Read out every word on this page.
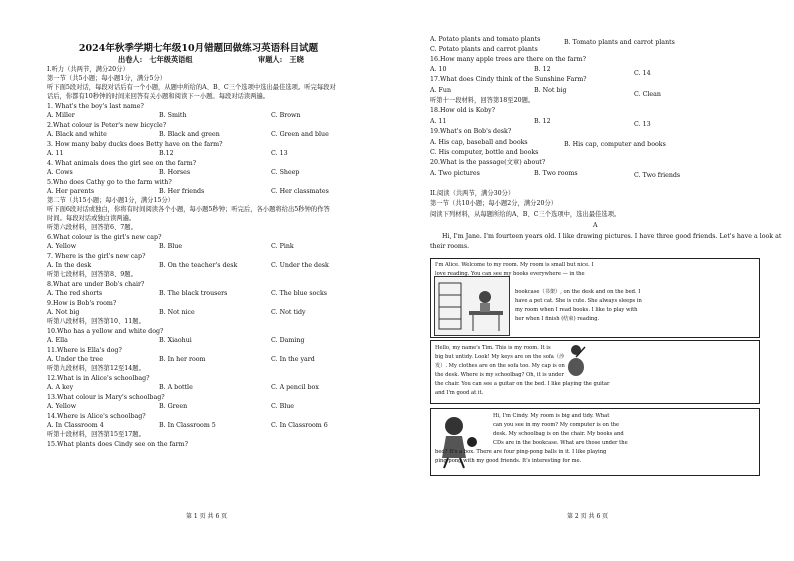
2024年秋季学期七年级10月错题回做练习英语科目试题
出卷人:　七年级英语组	审题人:　王晓
I.听力（共两节，满分20分）
第一节（共5小题；每小题1分，满分5分）
听下面5段对话，每段对话后有一个小题，从题中所给的A、B、C三个选项中选出最佳选项。听完每段对
话后，你都有10秒钟的时间来回答有关小题和阅读下一小题。每段对话读两遍。
1. What's the boy's last name?
A. Miller	B. Smith	C. Brown
2.What colour is Peter's new bicycle?
A. Black and white	B. Black and green	C. Green and blue
3. How many baby ducks does Betty have on the farm?
A. 11	B.12	C. 13
4. What animals does the girl see on the farm?
A. Cows	B. Horses	C. Sheep
5.Who does Cathy go to the farm with?
A. Her parents	B. Her friends	C. Her classmates
第二节（共15小题；每小题1分，满分15分）
听下面6段对话或独白，你将有时间阅读各个小题，每小题5秒钟；听完后，各小题将给出5秒钟的作答
时间。每段对话或独白读两遍。
听第六段材料，回答第6、7题。
6.What colour is the girl's new cap?
A. Yellow	B. Blue	C. Pink
7. Where is the girl's new cap?
A. In the desk	B. On the teacher's desk	C. Under the desk
听第七段材料，回答第8、9题。
8.What are under Bob's chair?
A. The red shorts	B. The black trousers	C. The blue socks
9.How is Bob's room?
A. Not big	B. Not nice	C. Not tidy
听第八段材料，回答第10、11题。
10.Who has a yellow and white dog?
A. Ella	B. Xiaohui	C. Daming
11.Where is Ella's dog?
A. Under the tree	B. In her room	C. In the yard
听第九段材料，回答第12至14题。
12.What is in Alice's schoolbag?
A. A key	B. A bottle	C. A pencil box
13.What colour is Mary's schoolbag?
A. Yellow	B. Green	C. Blue
14.Where is Alice's schoolbag?
A. In Classroom 4	B. In Classroom 5	C. In Classroom 6
听第十段材料，回答第15至17题。
15.What plants does Cindy see on the farm?
第 1 页 共 6 页
A. Potato plants and tomato plants	B. Tomato plants and carrot plants
C. Potato plants and carrot plants
16.How many apple trees are there on the farm?
A. 10	B. 12
C. 14
17.What does Cindy think of the Sunshine Farm?
A. Fun	B. Not big
C. Clean
听第十一段材料，回答第18至20题。
18.How old is Koby?
A. 11	B. 12	C. 13
19.What's on Bob's desk?
A. His cap, baseball and books	B. His cap, computer and books
C. His computer, bottle and books
20.What is the passage(文章) about?
A. Two pictures	B. Two rooms	C. Two friends
II.阅读（共两节，满分30分）
第一节（共10小题；每小题2分，满分20分）
阅读下列材料，从每题所给的A、B、C三个选项中，选出最佳选项。
A
Hi, I'm Jane. I'm fourteen years old. I like drawing pictures. I have three good friends. Let's have a look at
their rooms.
I'm Alice. Welcome to my room. My room is small but nice. I
love reading. You can see my books everywhere — in the
bookcase（书架）, on the desk and on the bed. I
have a pet cat. She is cute. She always sleeps in
my room when I read books. I like to play with
her when I finish (结束) reading.
Hello, my name's Tim. This is my room. It is
big but untidy. Look! My keys are on the sofa（沙
发）. My clothes are on the sofa too. My cap is on
the desk. Where is my schoolbag? Oh, it is under
the chair. You can see a guitar on the bed. I like playing the guitar
and I'm good at it.
Hi, I'm Cindy. My room is big and tidy. What
can you see in my room? My computer is on the
desk. My schoolbag is on the chair. My books and
CDs are in the bookcase. What are those under the
bed? It's a box. There are four ping-pong balls in it. I like playing
ping-pong with my good friends. It's interesting for me.
第 2 页 共 6 页
